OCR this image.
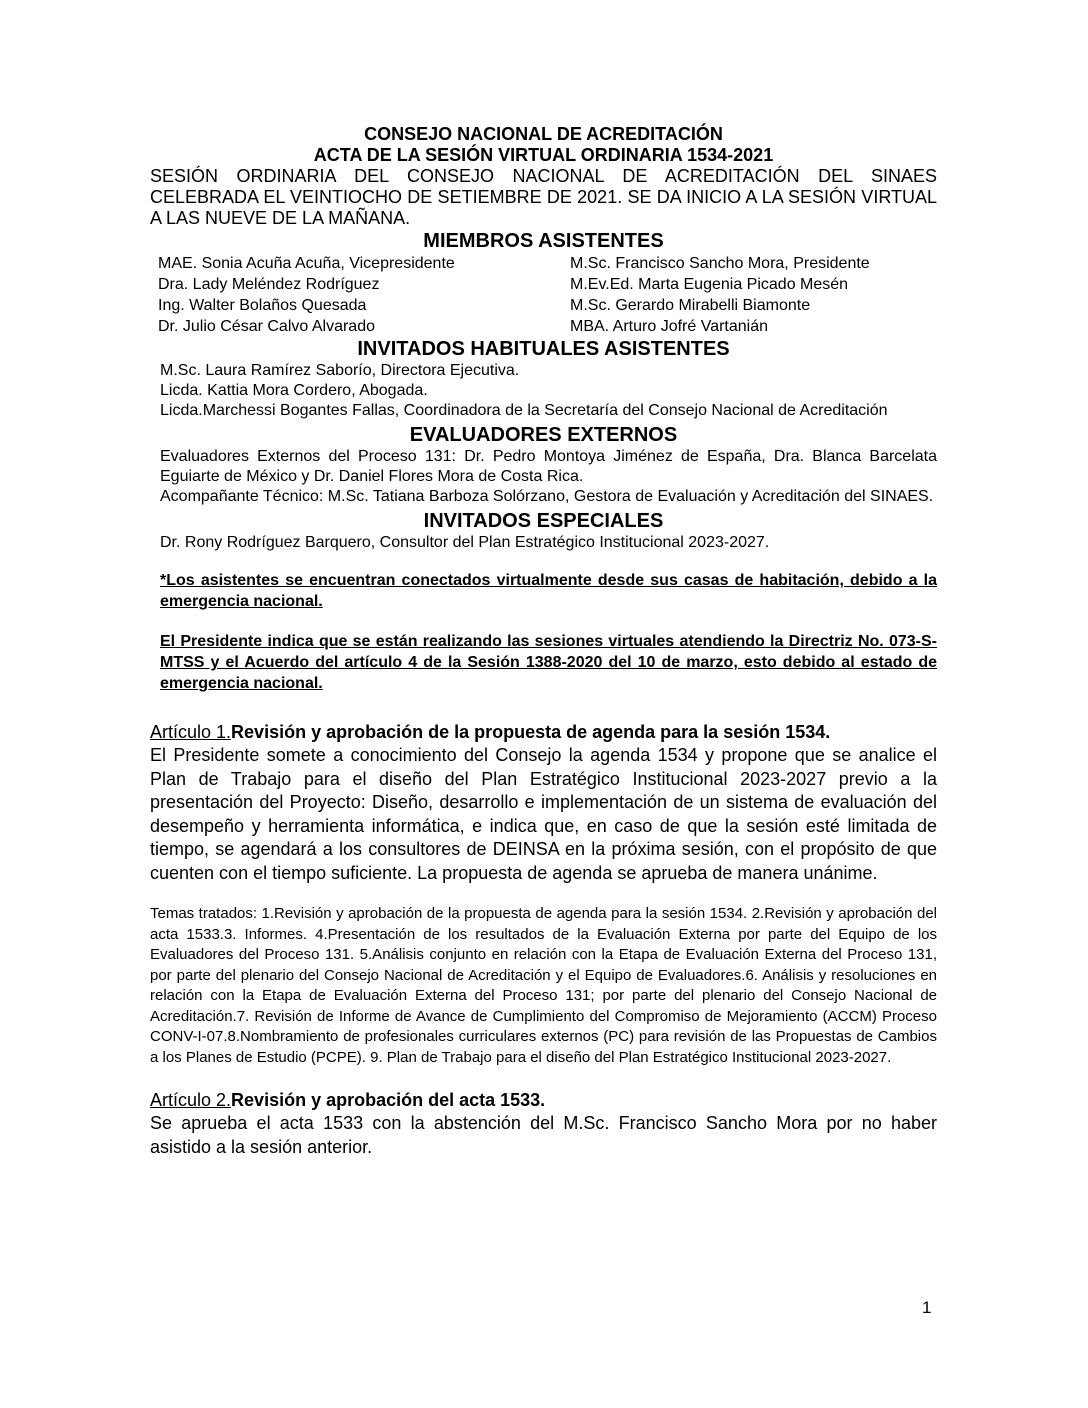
CONSEJO NACIONAL DE ACREDITACIÓN
ACTA DE LA SESIÓN VIRTUAL ORDINARIA 1534-2021
SESIÓN ORDINARIA DEL CONSEJO NACIONAL DE ACREDITACIÓN DEL SINAES CELEBRADA EL VEINTIOCHO DE SETIEMBRE DE 2021. SE DA INICIO A LA SESIÓN VIRTUAL A LAS NUEVE DE LA MAÑANA.
MIEMBROS ASISTENTES
MAE. Sonia Acuña Acuña, Vicepresidente	M.Sc. Francisco Sancho Mora, Presidente
Dra. Lady Meléndez Rodríguez	M.Ev.Ed. Marta Eugenia Picado Mesén
Ing. Walter Bolaños Quesada	M.Sc. Gerardo Mirabelli Biamonte
Dr. Julio César Calvo Alvarado	MBA. Arturo Jofré Vartanián
INVITADOS HABITUALES ASISTENTES
M.Sc. Laura Ramírez Saborío, Directora Ejecutiva.
Licda. Kattia Mora Cordero, Abogada.
Licda.Marchessi Bogantes Fallas, Coordinadora de la Secretaría del Consejo Nacional de Acreditación
EVALUADORES EXTERNOS
Evaluadores Externos del Proceso 131: Dr. Pedro Montoya Jiménez de España, Dra. Blanca Barcelata Eguiarte de México y Dr. Daniel Flores Mora de Costa Rica.
Acompañante Técnico: M.Sc. Tatiana Barboza Solórzano, Gestora de Evaluación y Acreditación del SINAES.
INVITADOS ESPECIALES
Dr. Rony Rodríguez Barquero, Consultor del Plan Estratégico Institucional 2023-2027.
*Los asistentes se encuentran conectados virtualmente desde sus casas de habitación, debido a la emergencia nacional.
El Presidente indica que se están realizando las sesiones virtuales atendiendo la Directriz No. 073-S-MTSS y el Acuerdo del artículo 4 de la Sesión 1388-2020 del 10 de marzo, esto debido al estado de emergencia nacional.
Artículo 1.Revisión y aprobación de la propuesta de agenda para la sesión 1534.
El Presidente somete a conocimiento del Consejo la agenda 1534 y propone que se analice el Plan de Trabajo para el diseño del Plan Estratégico Institucional 2023-2027 previo a la presentación del Proyecto: Diseño, desarrollo e implementación de un sistema de evaluación del desempeño y herramienta informática, e indica que, en caso de que la sesión esté limitada de tiempo, se agendará a los consultores de DEINSA en la próxima sesión, con el propósito de que cuenten con el tiempo suficiente. La propuesta de agenda se aprueba de manera unánime.
Temas tratados: 1.Revisión y aprobación de la propuesta de agenda para la sesión 1534. 2.Revisión y aprobación del acta 1533.3. Informes. 4.Presentación de los resultados de la Evaluación Externa por parte del Equipo de los Evaluadores del Proceso 131. 5.Análisis conjunto en relación con la Etapa de Evaluación Externa del Proceso 131, por parte del plenario del Consejo Nacional de Acreditación y el Equipo de Evaluadores.6. Análisis y resoluciones en relación con la Etapa de Evaluación Externa del Proceso 131; por parte del plenario del Consejo Nacional de Acreditación.7. Revisión de Informe de Avance de Cumplimiento del Compromiso de Mejoramiento (ACCM) Proceso CONV-I-07.8.Nombramiento de profesionales curriculares externos (PC) para revisión de las Propuestas de Cambios a los Planes de Estudio (PCPE). 9. Plan de Trabajo para el diseño del Plan Estratégico Institucional 2023-2027.
Artículo 2.Revisión y aprobación del acta 1533.
Se aprueba el acta 1533 con la abstención del M.Sc. Francisco Sancho Mora por no haber asistido a la sesión anterior.
1
